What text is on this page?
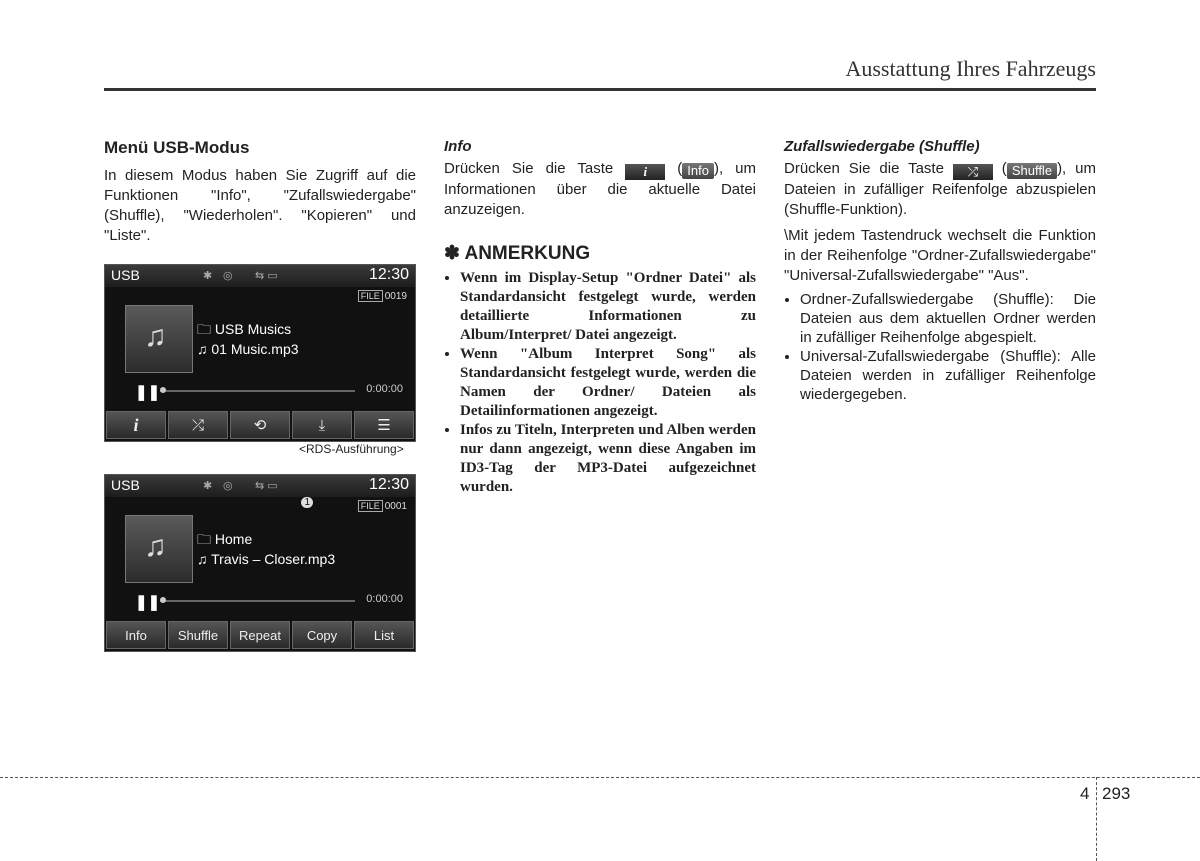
Ausstattung Ihres Fahrzeugs
Menü USB-Modus

In diesem Modus haben Sie Zugriff auf die Funktionen "Info", "Zufallswiedergabe" (Shuffle), "Wiederholen". "Kopieren" und "Liste".

USB	✱ ◎ ⇆ ▭	12:30
FILE 0019
♫ 🗀 USB Musics
♫ 01 Music.mp3
❚❚	0:00:00
i	⤮	⟲	⤓	☰
<RDS-Ausführung>
USB	✱ ◎ ⇆ ▭	12:30
1	FILE 0001
♫ 🗀 Home
♫ Travis – Closer.mp3
❚❚	0:00:00
Info	Shuffle	Repeat	Copy	List
Info

Drücken Sie die Taste i ( Info ), um Informationen über die aktuelle Datei anzuzeigen.

✽ ANMERKUNG
• Wenn im Display-Setup "Ordner Datei" als Standardansicht festgelegt wurde, werden detaillierte Informationen zu Album/Interpret/ Datei angezeigt.
• Wenn "Album Interpret Song" als Standardansicht festgelegt wurde, werden die Namen der Ordner/ Dateien als Detailinformationen angezeigt.
• Infos zu Titeln, Interpreten und Alben werden nur dann angezeigt, wenn diese Angaben im ID3-Tag der MP3-Datei aufgezeichnet wurden.
Zufallswiedergabe (Shuffle)

Drücken Sie die Taste ⤮ ( Shuffle ), um Dateien in zufälliger Reifenfolge abzuspielen (Shuffle-Funktion).

\Mit jedem Tastendruck wechselt die Funktion in der Reihenfolge "Ordner-Zufallswiedergabe" "Universal-Zufallswiedergabe" "Aus".

• Ordner-Zufallswiedergabe (Shuffle): Die Dateien aus dem aktuellen Ordner werden in zufälliger Reihenfolge abgespielt.
• Universal-Zufallswiedergabe (Shuffle): Alle Dateien werden in zufälliger Reihenfolge wiedergegeben.
4 293
